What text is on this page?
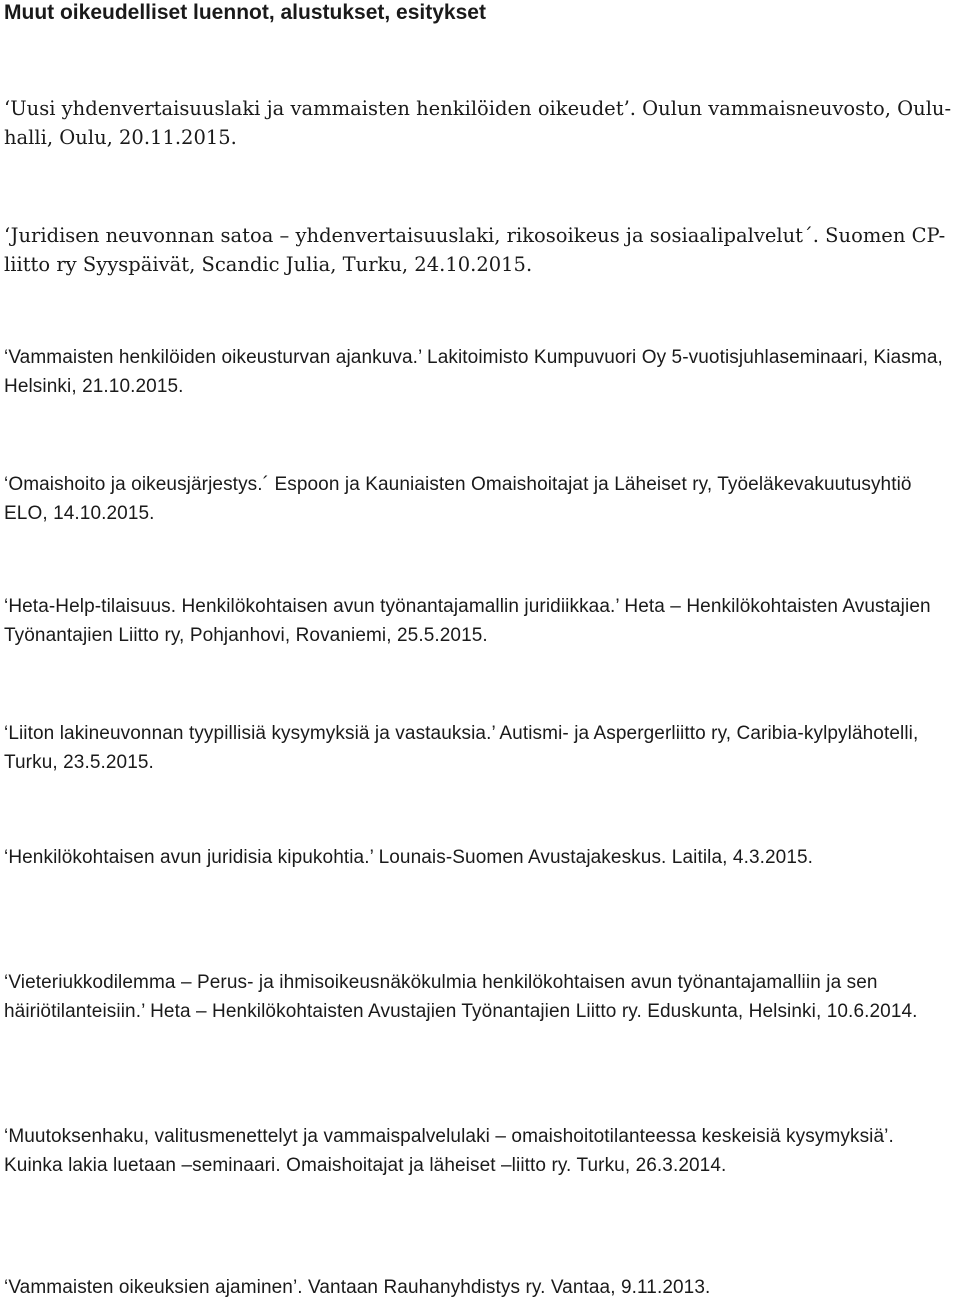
Muut oikeudelliset luennot, alustukset, esitykset

‘Uusi yhdenvertaisuuslaki ja vammaisten henkilöiden oikeudet’. Oulun vammaisneuvosto, Oulu-halli, Oulu, 20.11.2015.

‘Juridisen neuvonnan satoa – yhdenvertaisuuslaki, rikosoikeus ja sosiaalipalvelut´. Suomen CP-liitto ry Syyspäivät, Scandic Julia, Turku, 24.10.2015.

‘Vammaisten henkilöiden oikeusturvan ajankuva.’ Lakitoimisto Kumpuvuori Oy 5-vuotisjuhlaseminaari, Kiasma, Helsinki, 21.10.2015.

‘Omaishoito ja oikeusjärjestys.´ Espoon ja Kauniaisten Omaishoitajat ja Läheiset ry, Työeläkevakuutusyhtiö ELO, 14.10.2015.

‘Heta-Help-tilaisuus. Henkilökohtaisen avun työnantajamallin juridiikkaa.’ Heta – Henkilökohtaisten Avustajien Työnantajien Liitto ry, Pohjanhovi, Rovaniemi, 25.5.2015.

‘Liiton lakineuvonnan tyypillisiä kysymyksiä ja vastauksia.’ Autismi- ja Aspergerliitto ry, Caribia-kylpylähotelli, Turku, 23.5.2015.

‘Henkilökohtaisen avun juridisia kipukohtia.’ Lounais-Suomen Avustajakeskus. Laitila, 4.3.2015.

‘Vieteriukkodilemma – Perus- ja ihmisoikeusnäkökulmia henkilökohtaisen avun työnantajamalliin ja sen häiriötilanteisiin.’ Heta – Henkilökohtaisten Avustajien Työnantajien Liitto ry. Eduskunta, Helsinki, 10.6.2014.

‘Muutoksenhaku, valitusmenettelyt ja vammaispalvelulaki – omaishoitotilanteessa keskeisiä kysymyksiä’. Kuinka lakia luetaan –seminaari. Omaishoitajat ja läheiset –liitto ry. Turku, 26.3.2014.

‘Vammaisten oikeuksien ajaminen’. Vantaan Rauhanyhdistys ry. Vantaa, 9.11.2013.
